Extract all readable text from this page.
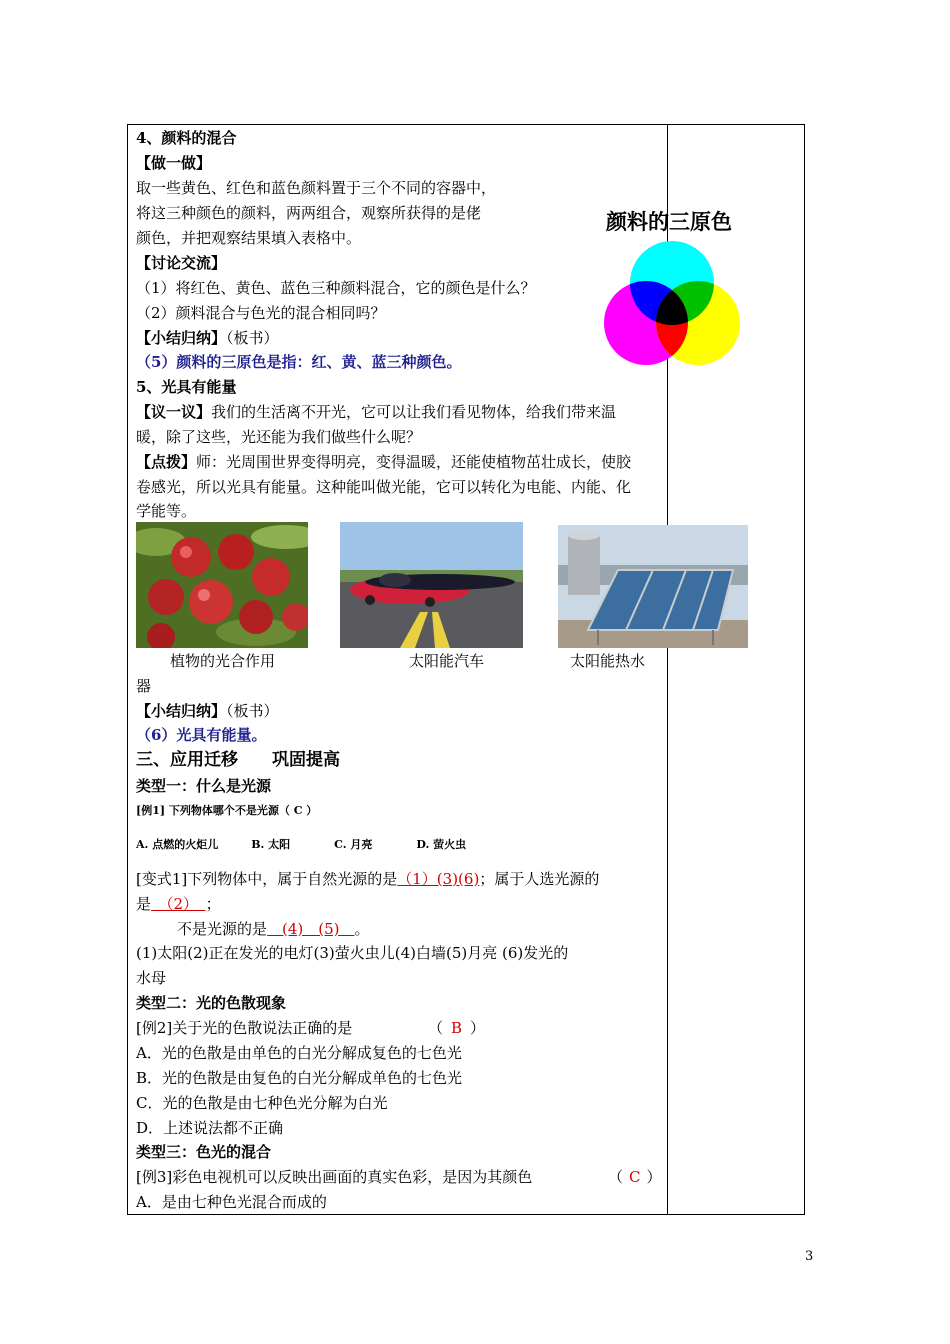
4、颜料的混合
【做一做】
取一些黄色、红色和蓝色颜料置于三个不同的容器中，
将这三种颜色的颜料，两两组合，观察所获得的是佬
颜色，并把观察结果填入表格中。
【讨论交流】
（1）将红色、黄色、蓝色三种颜料混合，它的颜色是什么？
（2）颜料混合与色光的混合相同吗？
【小结归纳】（板书）
（5）颜料的三原色是指：红、黄、蓝三种颜色。
颜料的三原色
5、光具有能量
【议一议】我们的生活离不开光，它可以让我们看见物体，给我们带来温
暖，除了这些，光还能为我们做些什么呢？
【点拨】师：光周围世界变得明亮，变得温暖，还能使植物茁壮成长，使胶
卷感光，所以光具有能量。这种能叫做光能，它可以转化为电能、内能、化
学能等。
植物的光合作用	太阳能汽车	太阳能热水
器
【小结归纳】（板书）
（6）光具有能量。
三、应用迁移　　巩固提高
类型一：什么是光源
[例1] 下列物体哪个不是光源（ C ）
A. 点燃的火炬儿　　　B. 太阳　　　　C. 月亮　　　　D. 萤火虫
[变式1]下列物体中，属于自然光源的是（1）(3)(6)；属于人选光源的
是　（2）　；
不是光源的是　(4)　(5)　。
(1)太阳(2)正在发光的电灯(3)萤火虫儿(4)白墙(5)月亮 (6)发光的
水母
类型二：光的色散现象
[例2]关于光的色散说法正确的是	（ B ）
A．光的色散是由单色的白光分解成复色的七色光
B．光的色散是由复色的白光分解成单色的七色光
C．光的色散是由七种色光分解为白光
D．上述说法都不正确
类型三：色光的混合
[例3]彩色电视机可以反映出画面的真实色彩，是因为其颜色	（ C ）
A．是由七种色光混合而成的
3
